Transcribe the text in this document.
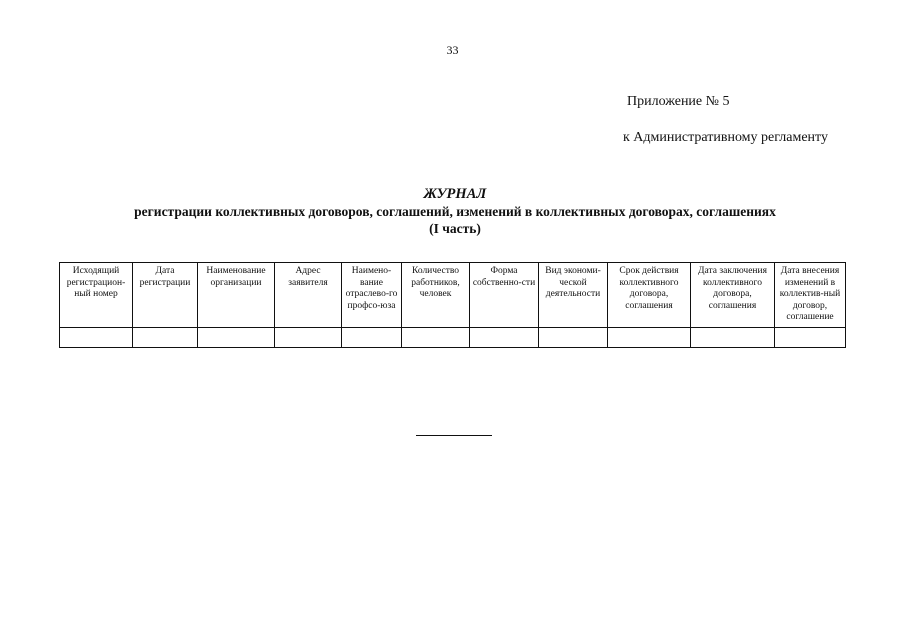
33
Приложение № 5
к Административному регламенту
ЖУРНАЛ
регистрации коллективных договоров, соглашений, изменений в коллективных договорах, соглашениях
(I часть)
Исходящий регистрацион-ный номер	Дата регистрации	Наименование организации	Адрес заявителя	Наимено-вание отраслево-го профсо-юза	Количество работников, человек	Форма собственно-сти	Вид экономи-ческой деятельности	Срок действия коллективного договора, соглашения	Дата заключения коллективного договора, соглашения	Дата внесения изменений в коллектив-ный договор, соглашение
